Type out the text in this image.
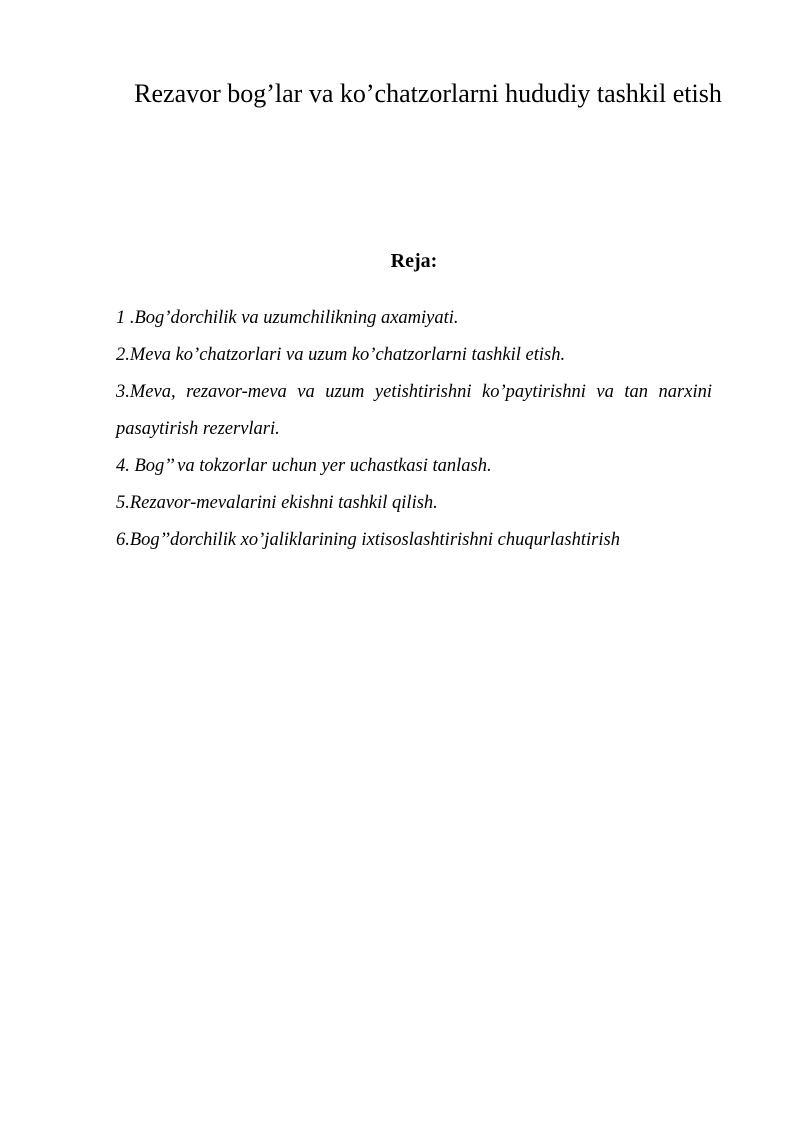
Rezavor bog’lar va ko’chatzorlarni hududiy tashkil etish
Reja:
1 .Bog’dorchilik va uzumchilikning axamiyati.
2.Meva ko’chatzorlari va uzum ko’chatzorlarni tashkil etish.
3.Meva, rezavor-meva va uzum yetishtirishni ko’paytirishni va tan narxini pasaytirish rezervlari.
4. Bog’’ va tokzorlar uchun yer uchastkasi tanlash.
5.Rezavor-mevalarini ekishni tashkil qilish.
6.Bog’’dorchilik xo’jaliklarining ixtisoslashtirishni chuqurlashtirish
